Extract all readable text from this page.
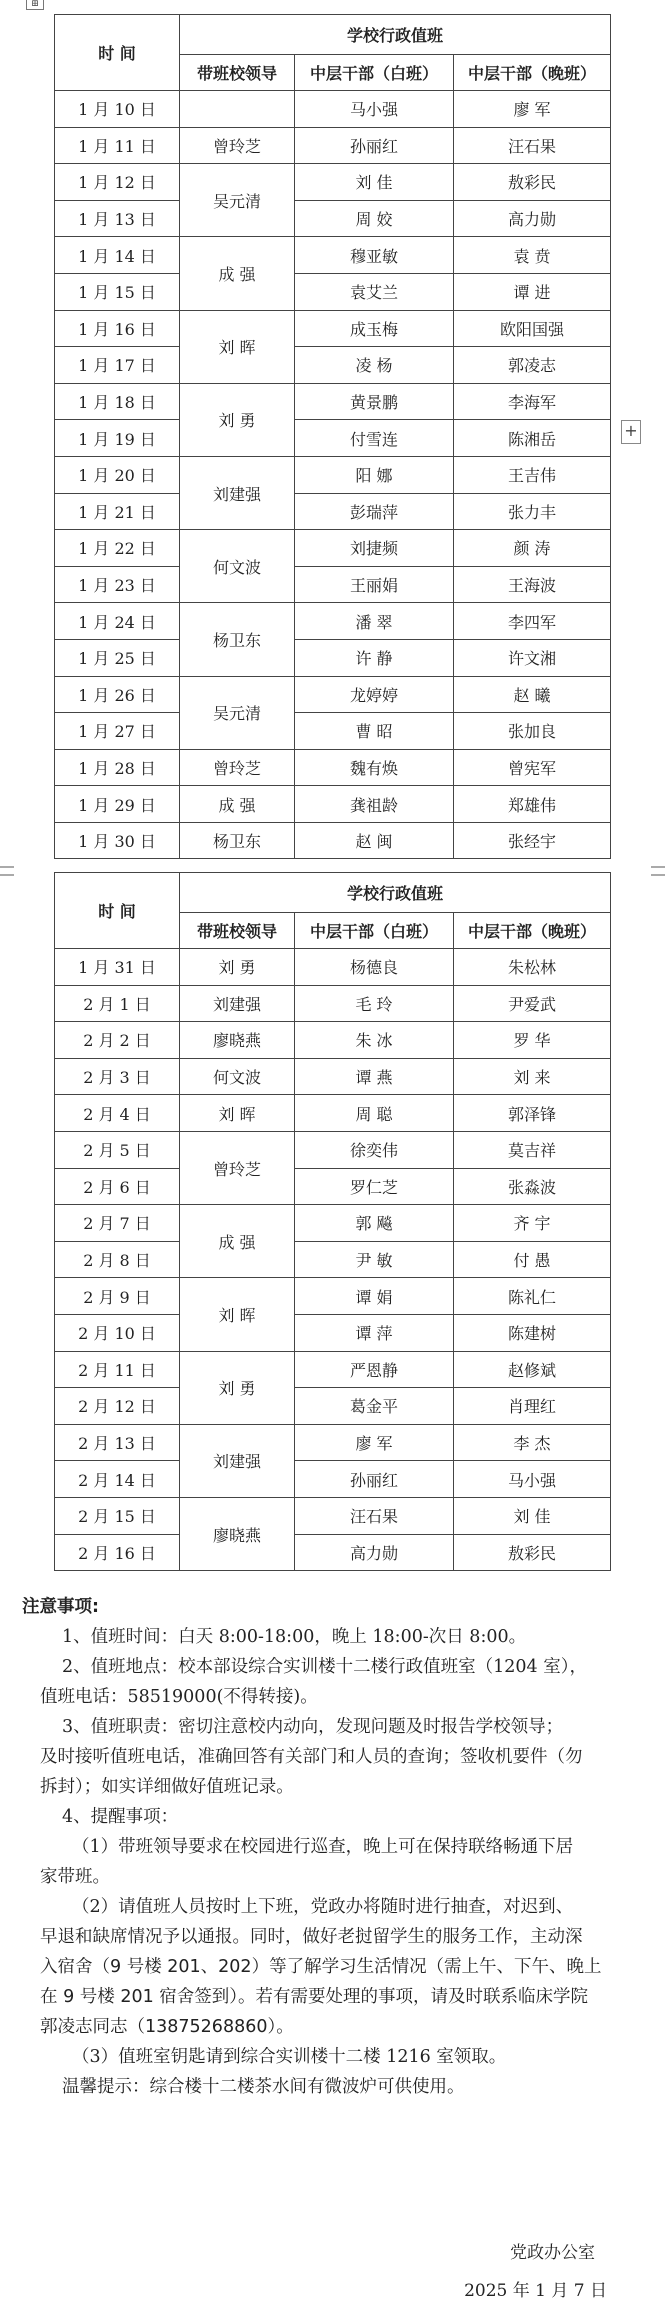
⊞
+
时 间	学校行政值班		
	带班校领导	中层干部（白班）	中层干部（晚班）
1 月 10 日		马小强	廖 军
1 月 11 日	曾玲芝	孙丽红	汪石果
1 月 12 日	吴元清	刘 佳	敖彩民
1 月 13 日		周 姣	高力勋
1 月 14 日	成 强	穆亚敏	袁 贲
1 月 15 日		袁艾兰	谭 进
1 月 16 日	刘 晖	成玉梅	欧阳国强
1 月 17 日		凌 杨	郭凌志
1 月 18 日	刘 勇	黄景鹏	李海军
1 月 19 日		付雪连	陈湘岳
1 月 20 日	刘建强	阳 娜	王吉伟
1 月 21 日		彭瑞萍	张力丰
1 月 22 日	何文波	刘捷频	颜 涛
1 月 23 日		王丽娟	王海波
1 月 24 日	杨卫东	潘 翠	李四军
1 月 25 日		许 静	许文湘
1 月 26 日	吴元清	龙婷婷	赵 曦
1 月 27 日		曹 昭	张加良
1 月 28 日	曾玲芝	魏有焕	曾宪军
1 月 29 日	成 强	龚祖龄	郑雄伟
1 月 30 日	杨卫东	赵 闽	张经宇
时 间	学校行政值班		
	带班校领导	中层干部（白班）	中层干部（晚班）
1 月 31 日	刘 勇	杨德良	朱松林
2 月 1 日	刘建强	毛 玲	尹爱武
2 月 2 日	廖晓燕	朱 冰	罗 华
2 月 3 日	何文波	谭 燕	刘 来
2 月 4 日	刘 晖	周 聪	郭泽锋
2 月 5 日	曾玲芝	徐奕伟	莫吉祥
2 月 6 日		罗仁芝	张淼波
2 月 7 日	成 强	郭 飚	齐 宇
2 月 8 日		尹 敏	付 愚
2 月 9 日	刘 晖	谭 娟	陈礼仁
2 月 10 日		谭 萍	陈建树
2 月 11 日	刘 勇	严恩静	赵修斌
2 月 12 日		葛金平	肖理红
2 月 13 日	刘建强	廖 军	李 杰
2 月 14 日		孙丽红	马小强
2 月 15 日	廖晓燕	汪石果	刘 佳
2 月 16 日		高力勋	敖彩民

注意事项:

1、值班时间：白天 8:00-18:00，晚上 18:00-次日 8:00。

2、值班地点：校本部设综合实训楼十二楼行政值班室（1204 室），

值班电话：58519000(不得转接)。

3、值班职责：密切注意校内动向，发现问题及时报告学校领导；

及时接听值班电话，准确回答有关部门和人员的查询；签收机要件（勿

拆封）；如实详细做好值班记录。

4、提醒事项：

（1）带班领导要求在校园进行巡查，晚上可在保持联络畅通下居

家带班。

（2）请值班人员按时上下班，党政办将随时进行抽查，对迟到、

早退和缺席情况予以通报。同时，做好老挝留学生的服务工作，主动深

入宿舍（9 号楼 201、202）等了解学习生活情况（需上午、下午、晚上

在 9 号楼 201 宿舍签到）。若有需要处理的事项，请及时联系临床学院

郭凌志同志（13875268860）。

（3）值班室钥匙请到综合实训楼十二楼 1216 室领取。

温馨提示：综合楼十二楼茶水间有微波炉可供使用。

党政办公室
2025 年 1 月 7 日
